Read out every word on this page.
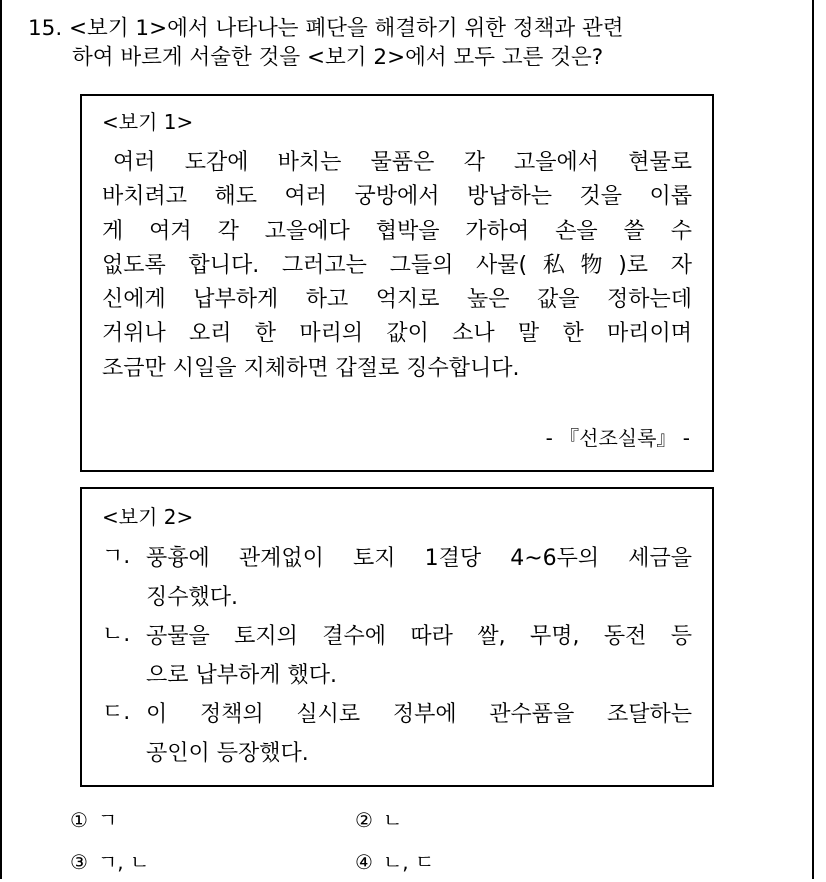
15. <보기 1>에서 나타나는 폐단을 해결하기 위한 정책과 관련
하여 바르게 서술한 것을 <보기 2>에서 모두 고른 것은?
<보기 1>
여러 도감에 바치는 물품은 각 고을에서 현물로
바치려고 해도 여러 궁방에서 방납하는 것을 이롭
게 여겨 각 고을에다 협박을 가하여 손을 쓸 수
없도록 합니다. 그러고는 그들의 사물(私物)로 자
신에게 납부하게 하고 억지로 높은 값을 정하는데
거위나 오리 한 마리의 값이 소나 말 한 마리이며
조금만 시일을 지체하면 갑절로 징수합니다.
- 『선조실록』 -
<보기 2>
ㄱ. 풍흉에 관계없이 토지 1결당 4~6두의 세금을
징수했다.
ㄴ. 공물을 토지의 결수에 따라 쌀, 무명, 동전 등
으로 납부하게 했다.
ㄷ. 이 정책의 실시로 정부에 관수품을 조달하는
공인이 등장했다.
① ㄱ	② ㄴ
③ ㄱ, ㄴ	④ ㄴ, ㄷ
